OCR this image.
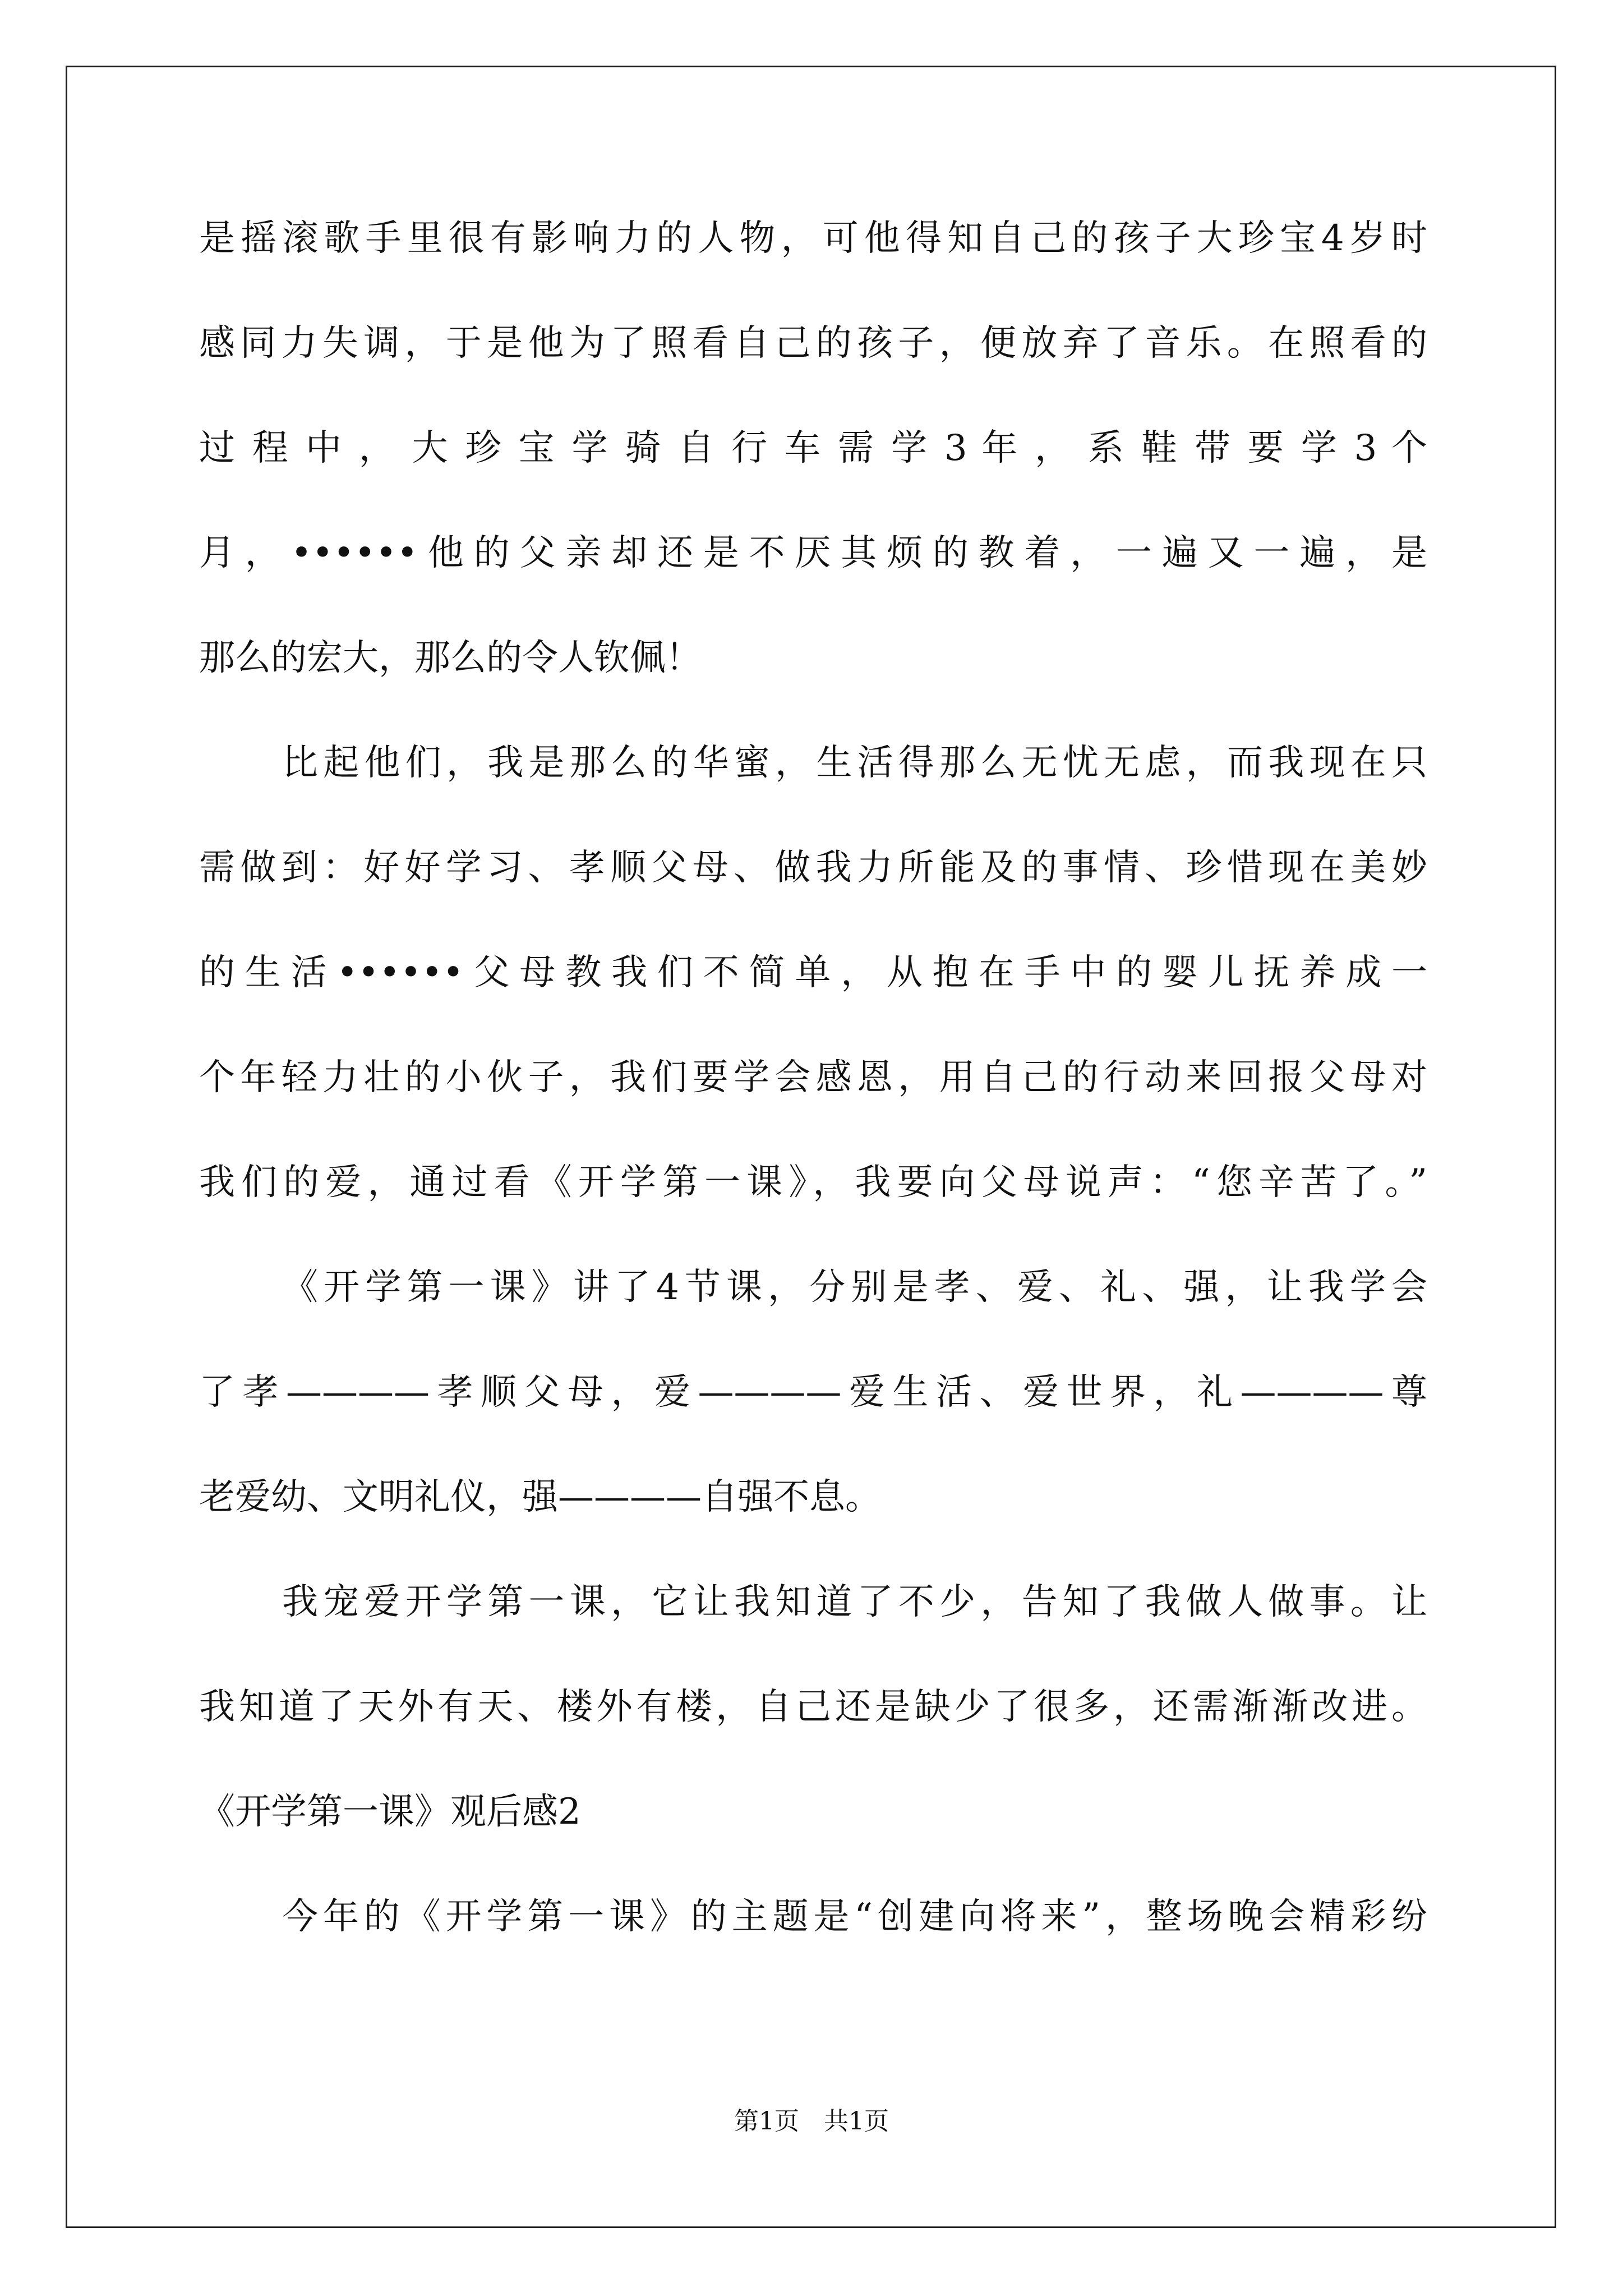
是摇滚歌手里很有影响力的人物，可他得知自己的孩子大珍宝4岁时
感同力失调，于是他为了照看自己的孩子，便放弃了音乐。在照看的
过 程 中 ， 大 珍 宝 学 骑 自 行 车 需 学 3 年 ， 系 鞋 带 要 学 3 个
月，••••••他的父亲却还是不厌其烦的教着，一遍又一遍，是
那么的宏大，那么的令人钦佩！
比起他们，我是那么的华蜜，生活得那么无忧无虑，而我现在只
需做到：好好学习、孝顺父母、做我力所能及的事情、珍惜现在美妙
的生活••••••父母教我们不简单，从抱在手中的婴儿抚养成一
个年轻力壮的小伙子，我们要学会感恩，用自己的行动来回报父母对
我们的爱，通过看《开学第一课》，我要向父母说声：“您辛苦了。”
《开学第一课》讲了4节课，分别是孝、爱、礼、强，让我学会
了孝————孝顺父母，爱————爱生活、爱世界，礼————尊
老爱幼、文明礼仪，强————自强不息。
我宠爱开学第一课，它让我知道了不少，告知了我做人做事。让
我知道了天外有天、楼外有楼，自己还是缺少了很多，还需渐渐改进。
《开学第一课》观后感2
今年的《开学第一课》的主题是“创建向将来”，整场晚会精彩纷
第1页　共1页
